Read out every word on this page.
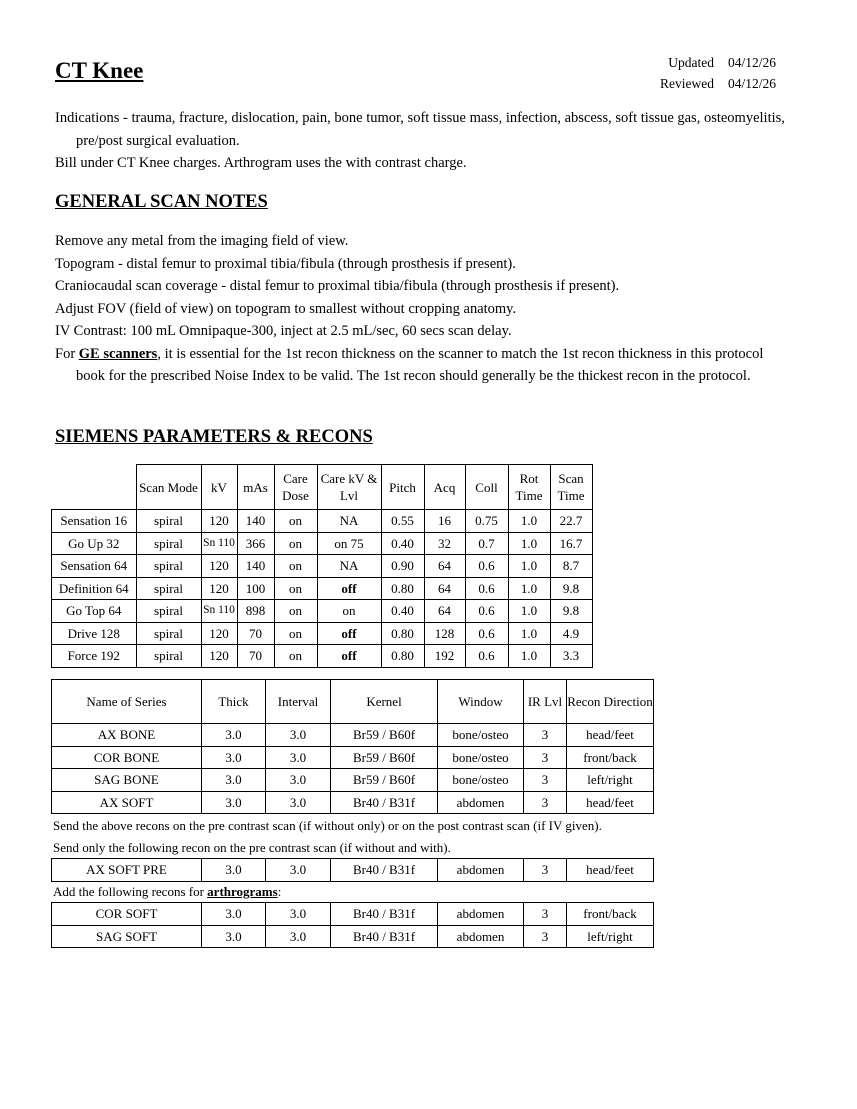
CT Knee	Updated	04/12/26
Reviewed	04/12/26

Indications - trauma, fracture, dislocation, pain, bone tumor, soft tissue mass, infection, abscess, soft tissue gas, osteomyelitis, pre/post surgical evaluation.

Bill under CT Knee charges. Arthrogram uses the with contrast charge.

GENERAL SCAN NOTES

Remove any metal from the imaging field of view.

Topogram - distal femur to proximal tibia/fibula (through prosthesis if present).

Craniocaudal scan coverage - distal femur to proximal tibia/fibula (through prosthesis if present).

Adjust FOV (field of view) on topogram to smallest without cropping anatomy.

IV Contrast: 100 mL Omnipaque-300, inject at 2.5 mL/sec, 60 secs scan delay.

For GE scanners, it is essential for the 1st recon thickness on the scanner to match the 1st recon thickness in this protocol book for the prescribed Noise Index to be valid. The 1st recon should generally be the thickest recon in the protocol.

SIEMENS PARAMETERS & RECONS
	Scan Mode	kV	mAs	Care Dose	Care kV & Lvl	Pitch	Acq	Coll	Rot Time	Scan Time
Sensation 16	spiral	120	140	on	NA	0.55	16	0.75	1.0	22.7
Go Up 32	spiral	Sn 110	366	on	on 75	0.40	32	0.7	1.0	16.7
Sensation 64	spiral	120	140	on	NA	0.90	64	0.6	1.0	8.7
Definition 64	spiral	120	100	on	off	0.80	64	0.6	1.0	9.8
Go Top 64	spiral	Sn 110	898	on	on	0.40	64	0.6	1.0	9.8
Drive 128	spiral	120	70	on	off	0.80	128	0.6	1.0	4.9
Force 192	spiral	120	70	on	off	0.80	192	0.6	1.0	3.3
Name of Series	Thick	Interval	Kernel	Window	IR Lvl	Recon Direction
AX BONE	3.0	3.0	Br59 / B60f	bone/osteo	3	head/feet
COR BONE	3.0	3.0	Br59 / B60f	bone/osteo	3	front/back
SAG BONE	3.0	3.0	Br59 / B60f	bone/osteo	3	left/right
AX SOFT	3.0	3.0	Br40 / B31f	abdomen	3	head/feet
Send the above recons on the pre contrast scan (if without only) or on the post contrast scan (if IV given).
Send only the following recon on the pre contrast scan (if without and with).
AX SOFT PRE	3.0	3.0	Br40 / B31f	abdomen	3	head/feet
Add the following recons for arthrograms:
COR SOFT	3.0	3.0	Br40 / B31f	abdomen	3	front/back
SAG SOFT	3.0	3.0	Br40 / B31f	abdomen	3	left/right
